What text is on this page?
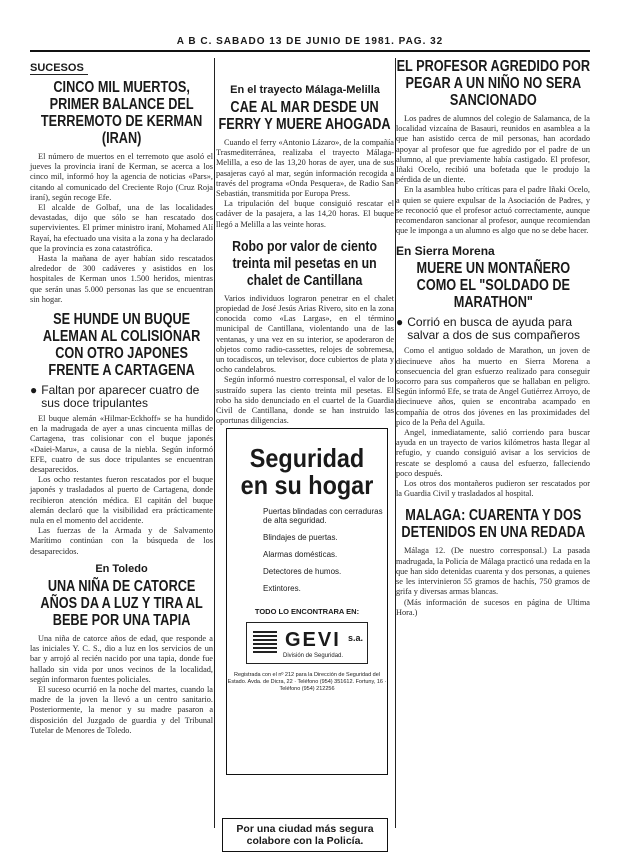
A B C. SABADO 13 DE JUNIO DE 1981. PAG. 32
SUCESOS
CINCO MIL MUERTOS, PRIMER BALANCE DEL TERREMOTO DE KERMAN (IRAN)

El número de muertos en el terremoto que asoló el jueves la provincia iraní de Kerman, se acerca a los cinco mil, informó hoy la agencia de noticias «Pars», citando al comunicado del Creciente Rojo (Cruz Roja iraní), según recoge Efe.

El alcalde de Golbaf, una de las localidades devastadas, dijo que sólo se han rescatado dos supervivientes. El primer ministro iraní, Mohamed Alí Rayaí, ha efectuado una visita a la zona y ha declarado que la provincia es zona catastrófica.

Hasta la mañana de ayer habían sido rescatados alrededor de 300 cadáveres y asistidos en los hospitales de Kerman unos 1.500 heridos, mientras que serán unas 5.000 personas las que se encuentran sin hogar.

SE HUNDE UN BUQUE ALEMAN AL COLISIONAR CON OTRO JAPONES FRENTE A CARTAGENA
● Faltan por aparecer cuatro de sus doce tripulantes

El buque alemán «Hilmar-Eckhoff» se ha hundido en la madrugada de ayer a unas cincuenta millas de Cartagena, tras colisionar con el buque japonés «Daiei-Maru», a causa de la niebla. Según informó EFE, cuatro de sus doce tripulantes se encuentran desaparecidos.

Los ocho restantes fueron rescatados por el buque japonés y trasladados al puerto de Cartagena, donde recibieron atención médica. El capitán del buque alemán declaró que la visibilidad era prácticamente nula en el momento del accidente.

Las fuerzas de la Armada y de Salvamento Marítimo continúan con la búsqueda de los desaparecidos.

En Toledo
UNA NIÑA DE CATORCE AÑOS DA A LUZ Y TIRA AL BEBE POR UNA TAPIA

Una niña de catorce años de edad, que responde a las iniciales Y. C. S., dio a luz en los servicios de un bar y arrojó al recién nacido por una tapia, donde fue hallado sin vida por unos vecinos de la localidad, según informaron fuentes policiales.

El suceso ocurrió en la noche del martes, cuando la madre de la joven la llevó a un centro sanitario. Posteriormente, la menor y su madre pasaron a disposición del Juzgado de guardia y del Tribunal Tutelar de Menores de Toledo.

En el trayecto Málaga-Melilla
CAE AL MAR DESDE UN FERRY Y MUERE AHOGADA

Cuando el ferry «Antonio Lázaro», de la compañía Trasmediterránea, realizaba el trayecto Málaga-Melilla, a eso de las 13,20 horas de ayer, una de sus pasajeras cayó al mar, según información recogida a través del programa «Onda Pesquera», de Radio San Sebastián, transmitida por Europa Press.

La tripulación del buque consiguió rescatar el cadáver de la pasajera, a las 14,20 horas. El buque llegó a Melilla a las veinte horas.

Robo por valor de ciento treinta mil pesetas en un chalet de Cantillana

Varios individuos lograron penetrar en el chalet propiedad de José Jesús Arias Rivero, sito en la zona conocida como «Las Largas», en el término municipal de Cantillana, violentando una de las ventanas, y una vez en su interior, se apoderaron de objetos como radio-cassettes, relojes de sobremesa, un tocadiscos, un televisor, doce cubiertos de plata y ocho candelabros.

Según informó nuestro corresponsal, el valor de lo sustraído supera las ciento treinta mil pesetas. El robo ha sido denunciado en el cuartel de la Guardia Civil de Cantillana, donde se han instruido las oportunas diligencias.

Seguridad en su hogar
Puertas blindadas con cerraduras de alta seguridad.
Blindajes de puertas.
Alarmas domésticas.
Detectores de humos.
Extintores.
TODO LO ENCONTRARA EN:
GEVI s.a.
División de Seguridad.
Registrada con el nº 212 para la Dirección de Seguridad del Estado. Avda. de Dicra, 22 · Teléfono (954) 351612. Fortuny, 16 · Teléfono (954) 212256
Por una ciudad más segura colabore con la Policía.
EL PROFESOR AGREDIDO POR PEGAR A UN NIÑO NO SERA SANCIONADO

Los padres de alumnos del colegio de Salamanca, de la localidad vizcaína de Basauri, reunidos en asamblea a la que han asistido cerca de mil personas, han acordado apoyar al profesor que fue agredido por el padre de un alumno, al que previamente había castigado. El profesor, Iñaki Ocelo, recibió una bofetada que le produjo la pérdida de un diente.

En la asamblea hubo críticas para el padre Iñaki Ocelo, a quien se quiere expulsar de la Asociación de Padres, y se reconoció que el profesor actuó correctamente, aunque recomendaron sancionar al profesor, aunque recomiendan que le imponga a un alumno es algo que no se debe hacer.

En Sierra Morena
MUERE UN MONTAÑERO COMO EL "SOLDADO DE MARATHON"
● Corrió en busca de ayuda para salvar a dos de sus compañeros

Como el antiguo soldado de Marathon, un joven de diecinueve años ha muerto en Sierra Morena a consecuencia del gran esfuerzo realizado para conseguir socorro para sus compañeros que se hallaban en peligro. Según informó Efe, se trata de Angel Gutiérrez Arroyo, de diecinueve años, quien se encontraba acampado en compañía de otros dos jóvenes en las proximidades del pico de la Peña del Aguila.

Angel, inmediatamente, salió corriendo para buscar ayuda en un trayecto de varios kilómetros hasta llegar al refugio, y cuando consiguió avisar a los servicios de rescate se desplomó a causa del esfuerzo, falleciendo poco después.

Los otros dos montañeros pudieron ser rescatados por la Guardia Civil y trasladados al hospital.

MALAGA: CUARENTA Y DOS DETENIDOS EN UNA REDADA

Málaga 12. (De nuestro corresponsal.) La pasada madrugada, la Policía de Málaga practicó una redada en la que han sido detenidas cuarenta y dos personas, a quienes se les intervinieron 55 gramos de hachís, 750 gramos de grifa y diversas armas blancas.

(Más información de sucesos en página de Ultima Hora.)
